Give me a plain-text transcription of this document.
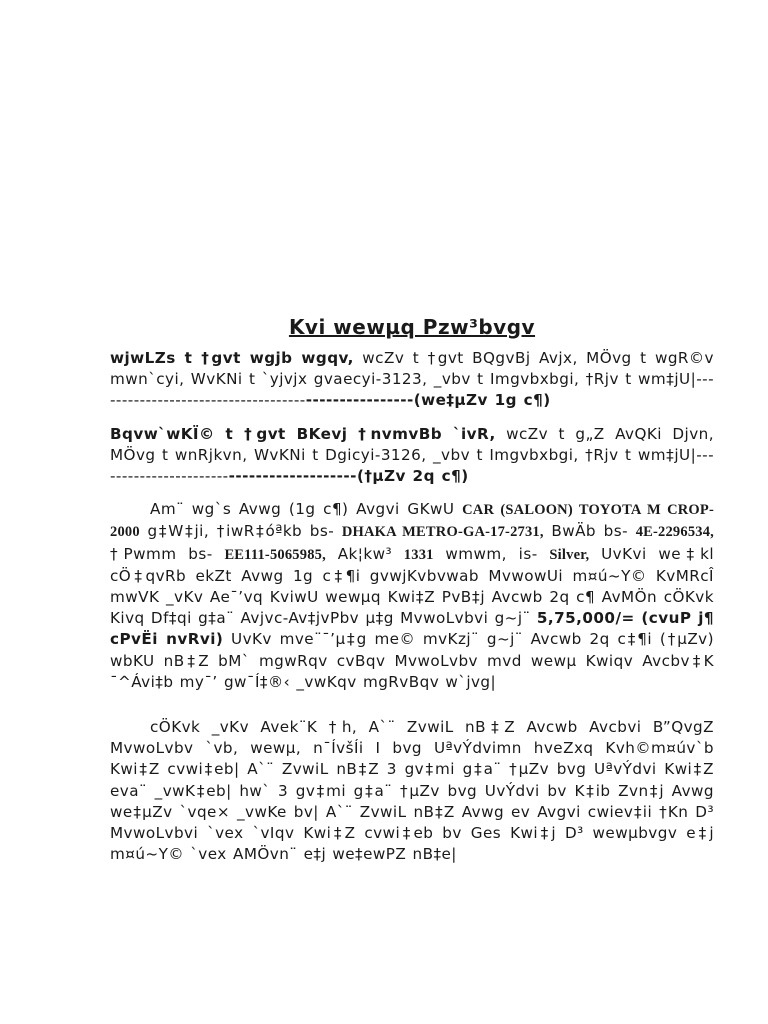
Kvi wewµq Pzw³bvgv

wjwLZs t †gvt wgjb wgqv, wcZv t †gvt BQgvBj Avjx, MÖvg t wgR©v mwn`cyi, WvKNi t `yjvjx gvaecyi-3123, _vbv t Imgvbxbgi, †Rjv t wm‡jU|----------------------------------------------------(we‡µZv 1g c¶)

Bqvw`wKÏ© t †gvt BKevj †nvmvBb `ivR, wcZv t g„Z AvQKi Djvn, MÖvg t wnRjkvn, WvKNi t Dgicyi-3126, _vbv t Imgvbxbgi, †Rjv t wm‡jU|------------------------------------------(†µZv 2q c¶)

Am¨ wg`s Avwg (1g c¶) Avgvi GKwU CAR (SALOON) TOYOTA M CROP- 2000 g‡W‡ji, †iwR‡óªkb bs- DHAKA METRO-GA-17-2731, BwÄb bs- 4E-2296534, †Pwmm bs- EE111-5065985, Ak¦kw³ 1331 wmwm, is- Silver, UvKvi we‡kl cÖ‡qvRb ekZt Avwg 1g c‡¶i gvwjKvbvwab MvwowUi m¤ú~Y© KvMRcÎ mwVK _vKv Ae¯’vq KviwU wewµq Kwi‡Z PvB‡j Avcwb 2q c¶ AvMÖn cÖKvk Kivq Df‡qi g‡a¨ Avjvc-Av‡jvPbv µ‡g MvwoLvbvi g~j¨ 5,75,000/= (cvuP j¶ cPvËi nvRvi) UvKv mve¨¯’µ‡g me© mvKzj¨ g~j¨ Avcwb 2q c‡¶i (†µZv) wbKU nB‡Z bM` mgwRqv cvBqv MvwoLvbv mvd wewµ Kwiqv Avcbv‡K ¯^Ávi‡b my¯’ gw¯Í‡®‹ _vwKqv mgRvBqv w`jvg|

cÖKvk _vKv Avek¨K †h, A`¨ ZvwiL nB‡Z Avcwb Avcbvi B”QvgZ MvwoLvbv `vb, wewµ, n¯ÍvšÍi I bvg UªvÝdvimn hveZxq Kvh©m¤úv`b Kwi‡Z cvwi‡eb| A`¨ ZvwiL nB‡Z 3 gv‡mi g‡a¨ †µZv bvg UªvÝdvi Kwi‡Z eva¨ _vwK‡eb| hw` 3 gv‡mi g‡a¨ †µZv bvg UvÝdvi bv K‡ib Zvn‡j Avwg we‡µZv `vqe× _vwKe bv| A`¨ ZvwiL nB‡Z Avwg ev Avgvi cwiev‡ii †Kn D³ MvwoLvbvi `vex `vIqv Kwi‡Z cvwi‡eb bv Ges Kwi‡j D³ wewµbvgv e‡j m¤ú~Y© `vex AMÖvn¨ e‡j we‡ewPZ nB‡e|
